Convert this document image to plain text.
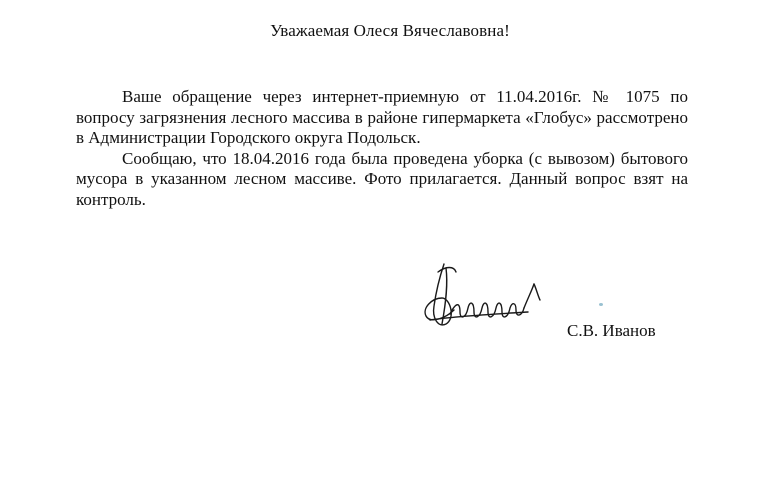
Уважаемая Олеся Вячеславовна!

Ваше обращение через интернет-приемную от 11.04.2016г. № 1075 по вопросу загрязнения лесного массива в районе гипермаркета «Глобус» рассмотрено в Администрации Городского округа Подольск.

Сообщаю, что 18.04.2016 года была проведена уборка (с вывозом) бытового мусора в указанном лесном массиве. Фото прилагается. Данный вопрос взят на контроль.

С.В. Иванов
